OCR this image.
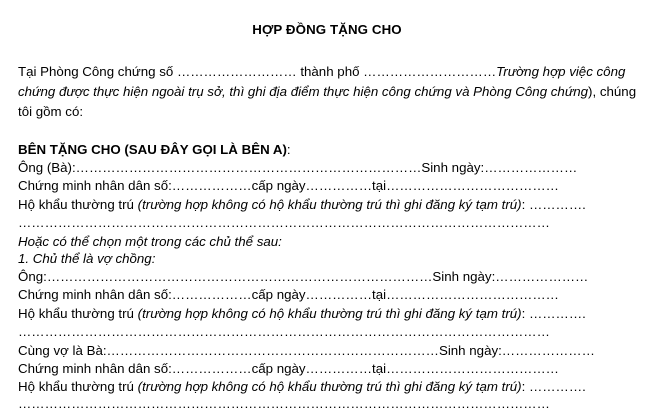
HỢP ĐỒNG TẶNG CHO
Tại Phòng Công chứng số ……………………… thành phố …………………………Trường hợp việc công
chứng được thực hiện ngoài trụ sở, thì ghi địa điểm thực hiện công chứng và Phòng Công chứng), chúng
tôi gồm có:
BÊN TẶNG CHO (SAU ĐÂY GỌI LÀ BÊN A):
Ông (Bà):……………………………………………………………………Sinh ngày:…………………
Chứng minh nhân dân số:………………cấp ngày……………tại…………………………………
Hộ khẩu thường trú (trường hợp không có hộ khẩu thường trú thì ghi đăng ký tạm trú): ………….
…………………………………………………………………………………………………………
Hoặc có thể chọn một trong các chủ thể sau:
1. Chủ thể là vợ chồng:
Ông:……………………………………………………………………………Sinh ngày:…………………
Chứng minh nhân dân số:………………cấp ngày……………tại…………………………………
Hộ khẩu thường trú (trường hợp không có hộ khẩu thường trú thì ghi đăng ký tạm trú): ………….
…………………………………………………………………………………………………………
Cùng vợ là Bà:…………………………………………………………………Sinh ngày:…………………
Chứng minh nhân dân số:………………cấp ngày……………tại…………………………………
Hộ khẩu thường trú (trường hợp không có hộ khẩu thường trú thì ghi đăng ký tạm trú): ………….
…………………………………………………………………………………………………………
